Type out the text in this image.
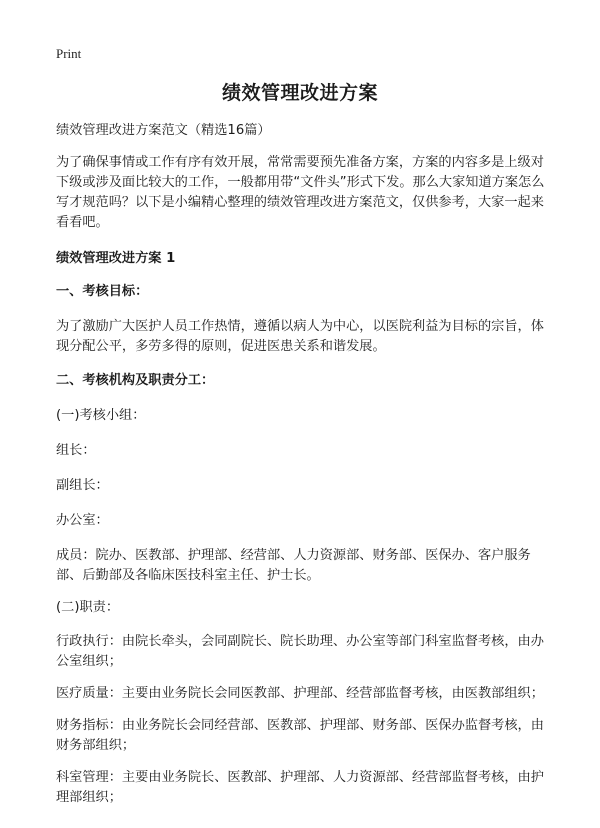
Print
绩效管理改进方案

绩效管理改进方案范文（精选16篇）

为了确保事情或工作有序有效开展，常常需要预先准备方案，方案的内容多是上级对下级或涉及面比较大的工作，一般都用带“文件头”形式下发。那么大家知道方案怎么写才规范吗？以下是小编精心整理的绩效管理改进方案范文，仅供参考，大家一起来看看吧。

绩效管理改进方案 1

一、考核目标：

为了激励广大医护人员工作热情，遵循以病人为中心，以医院利益为目标的宗旨，体现分配公平，多劳多得的原则，促进医患关系和谐发展。

二、考核机构及职责分工：

(一)考核小组：

组长：

副组长：

办公室：

成员：院办、医教部、护理部、经营部、人力资源部、财务部、医保办、客户服务部、后勤部及各临床医技科室主任、护士长。

(二)职责：

行政执行：由院长牵头，会同副院长、院长助理、办公室等部门科室监督考核，由办公室组织；

医疗质量：主要由业务院长会同医教部、护理部、经营部监督考核，由医教部组织；

财务指标：由业务院长会同经营部、医教部、护理部、财务部、医保办监督考核，由财务部组织；

科室管理：主要由业务院长、医教部、护理部、人力资源部、经营部监督考核，由护理部组织；
